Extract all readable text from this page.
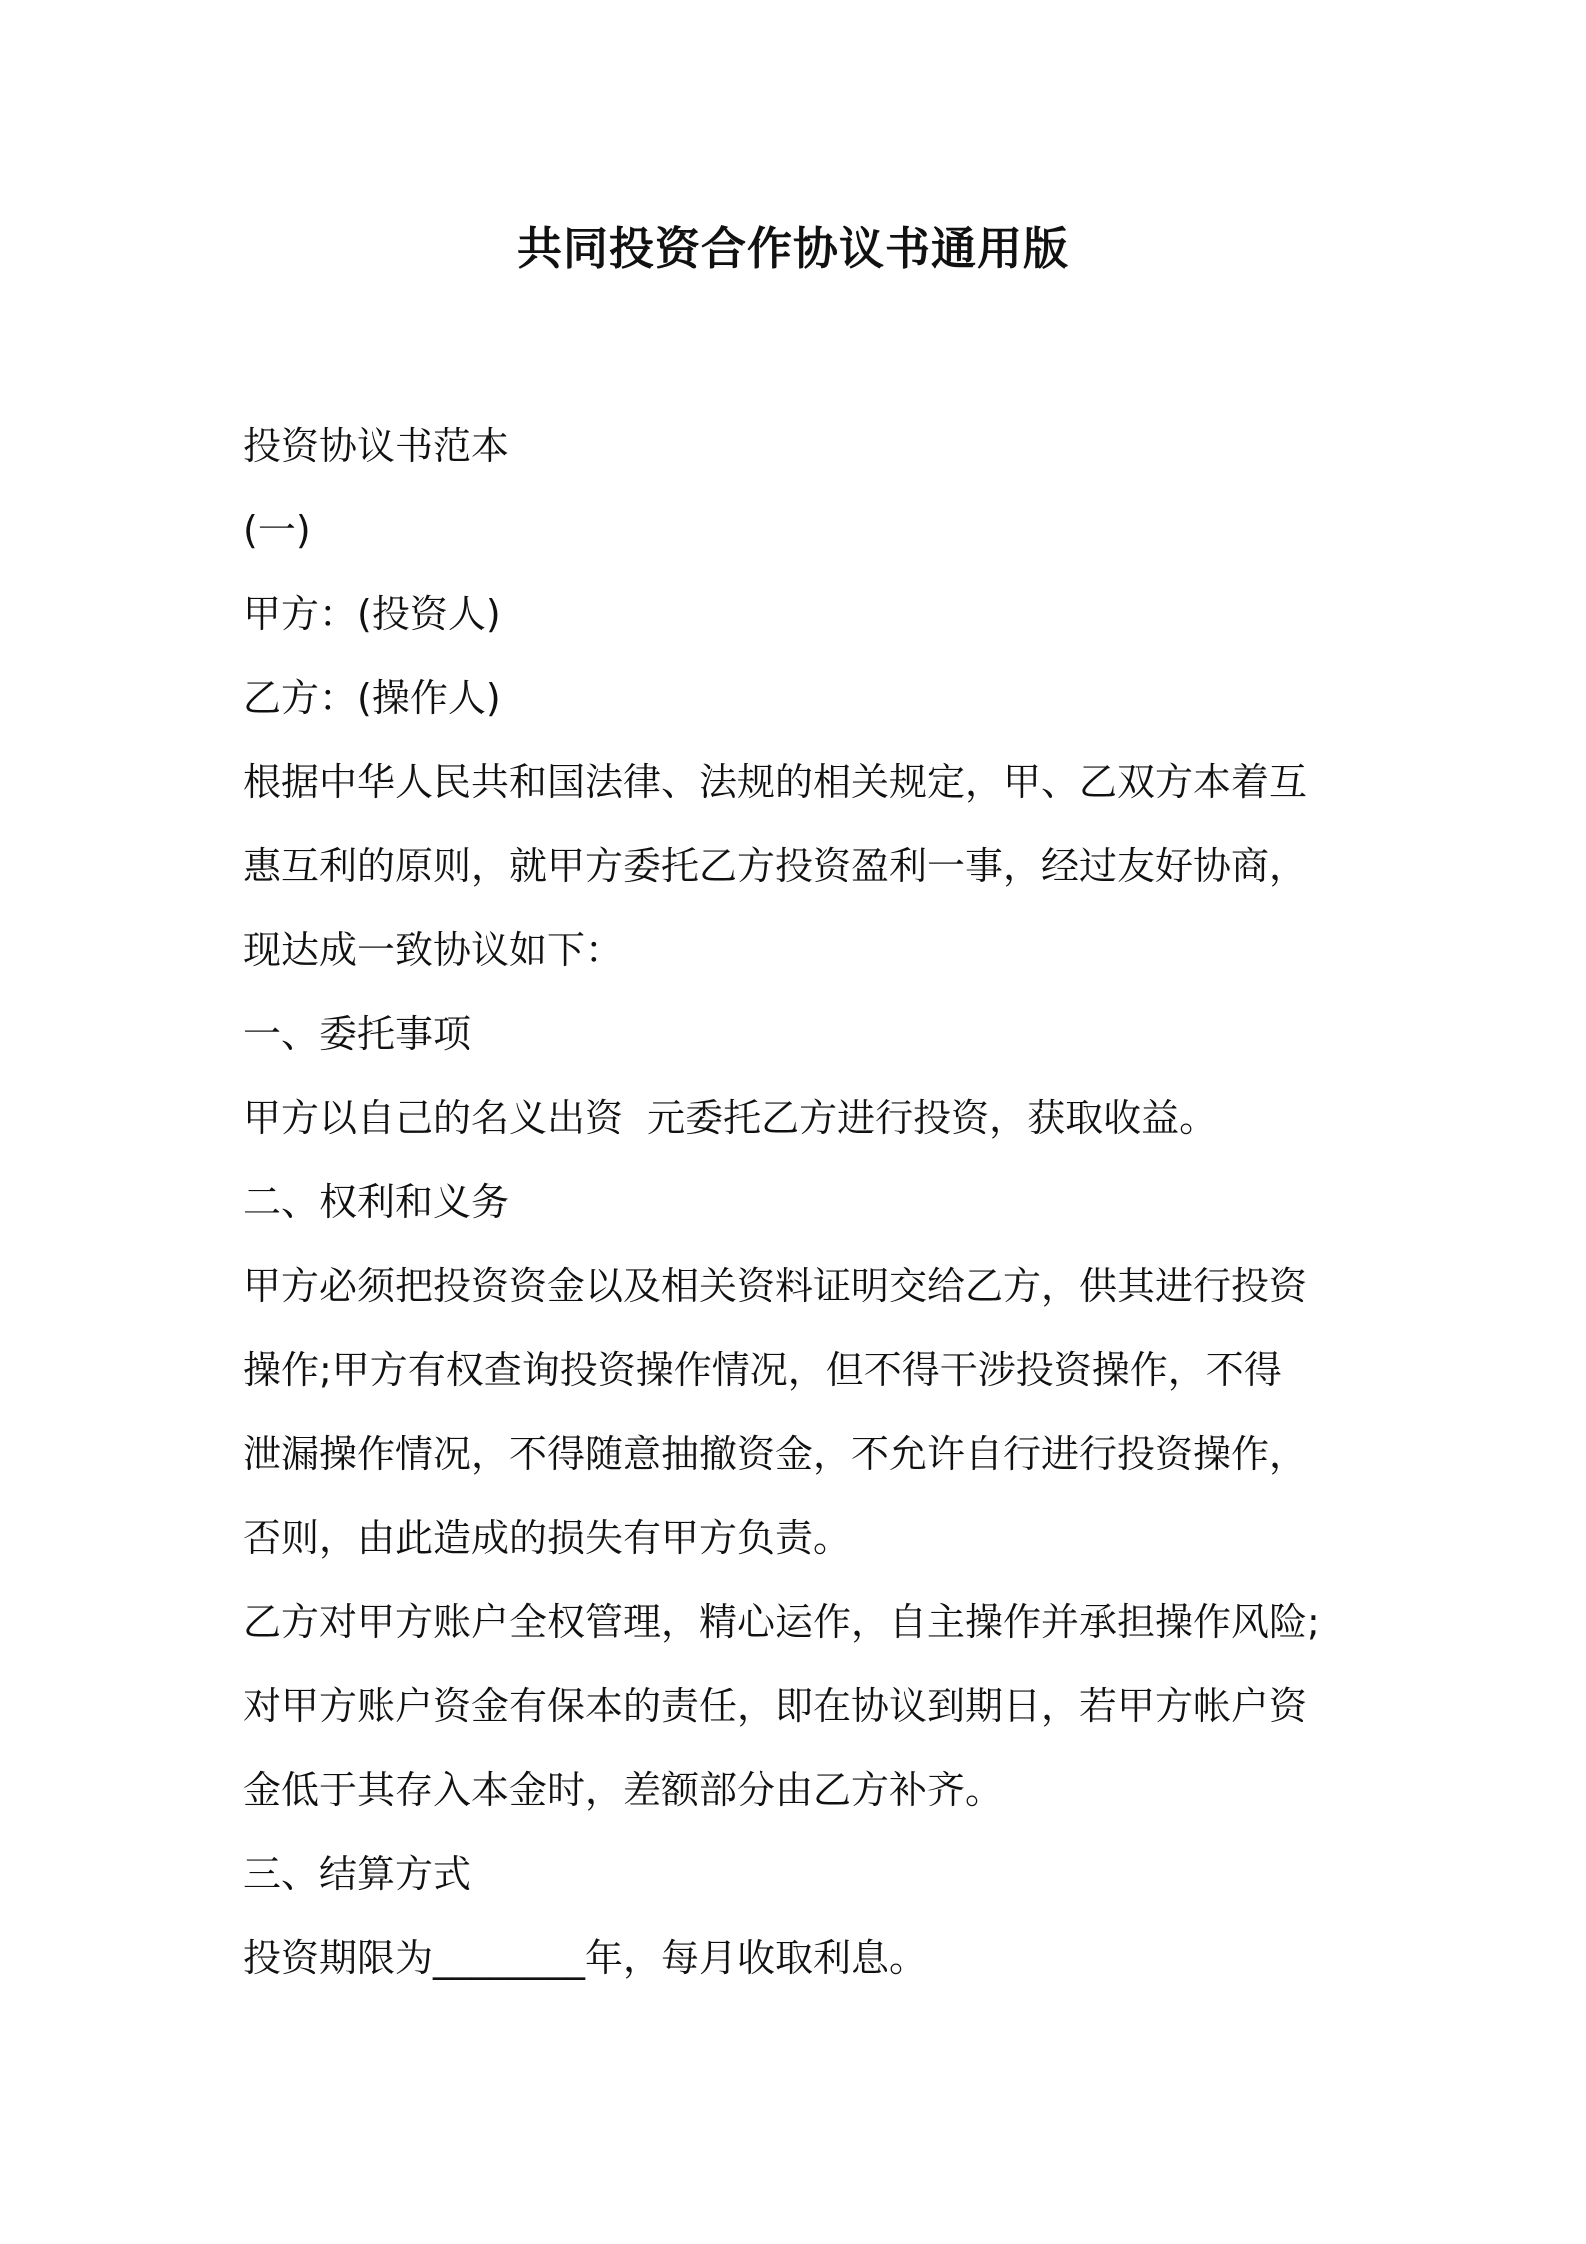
共同投资合作协议书通用版

投资协议书范本

(一)

甲方：(投资人)

乙方：(操作人)

根据中华人民共和国法律、法规的相关规定，甲、乙双方本着互

惠互利的原则，就甲方委托乙方投资盈利一事，经过友好协商，

现达成一致协议如下：

一、委托事项

甲方以自己的名义出资  元委托乙方进行投资，获取收益。

二、权利和义务

甲方必须把投资资金以及相关资料证明交给乙方，供其进行投资

操作;甲方有权查询投资操作情况，但不得干涉投资操作，不得

泄漏操作情况，不得随意抽撤资金，不允许自行进行投资操作，

否则，由此造成的损失有甲方负责。

乙方对甲方账户全权管理，精心运作，自主操作并承担操作风险;

对甲方账户资金有保本的责任，即在协议到期日，若甲方帐户资

金低于其存入本金时，差额部分由乙方补齐。

三、结算方式

投资期限为________年，每月收取利息。
